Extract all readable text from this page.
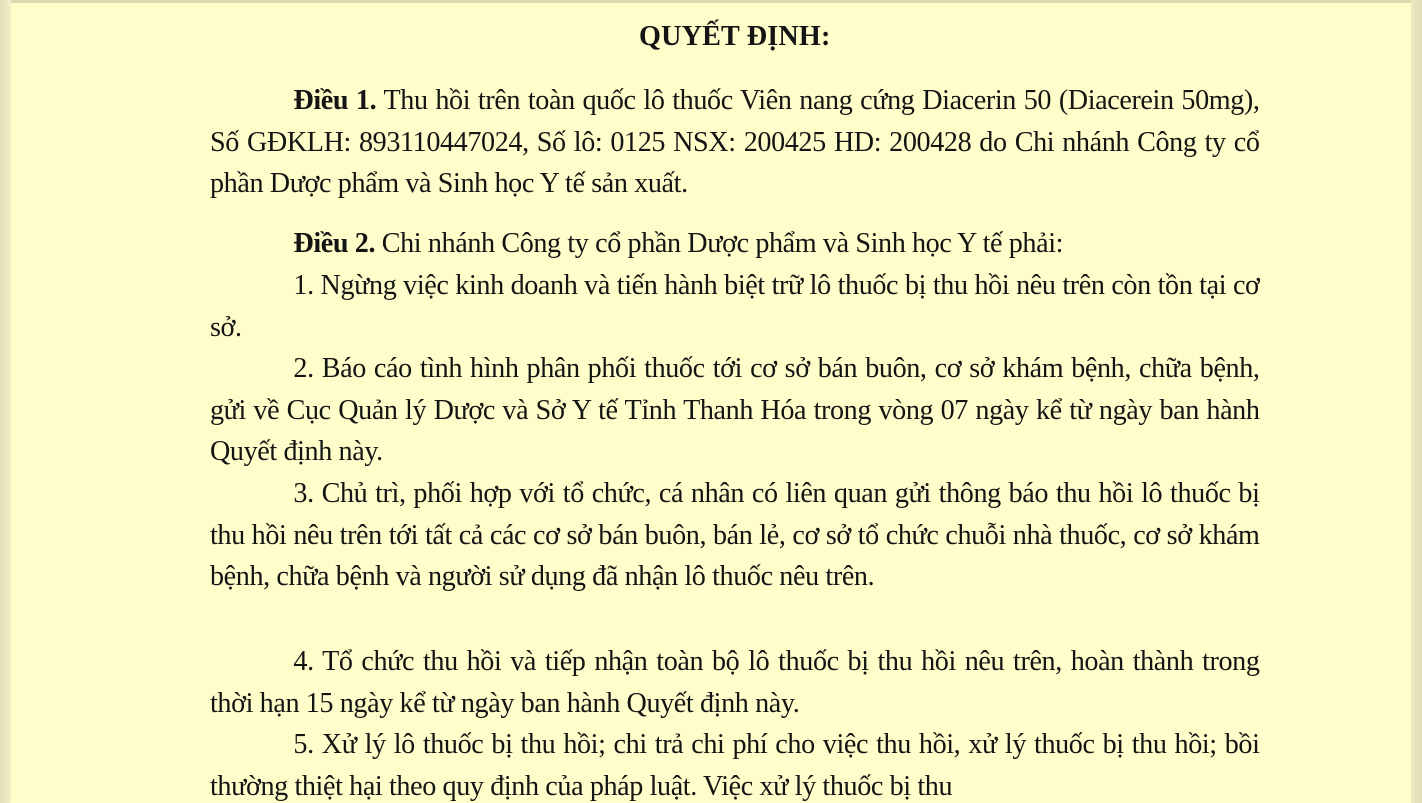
QUYẾT ĐỊNH:

Điều 1. Thu hồi trên toàn quốc lô thuốc Viên nang cứng Diacerin 50 (Diacerein 50mg), Số GĐKLH: 893110447024, Số lô: 0125 NSX: 200425 HD: 200428 do Chi nhánh Công ty cổ phần Dược phẩm và Sinh học Y tế sản xuất.

Điều 2. Chi nhánh Công ty cổ phần Dược phẩm và Sinh học Y tế phải:

1. Ngừng việc kinh doanh và tiến hành biệt trữ lô thuốc bị thu hồi nêu trên còn tồn tại cơ sở.

2. Báo cáo tình hình phân phối thuốc tới cơ sở bán buôn, cơ sở khám bệnh, chữa bệnh, gửi về Cục Quản lý Dược và Sở Y tế Tỉnh Thanh Hóa trong vòng 07 ngày kể từ ngày ban hành Quyết định này.

3. Chủ trì, phối hợp với tổ chức, cá nhân có liên quan gửi thông báo thu hồi lô thuốc bị thu hồi nêu trên tới tất cả các cơ sở bán buôn, bán lẻ, cơ sở tổ chức chuỗi nhà thuốc, cơ sở khám bệnh, chữa bệnh và người sử dụng đã nhận lô thuốc nêu trên.

4. Tổ chức thu hồi và tiếp nhận toàn bộ lô thuốc bị thu hồi nêu trên, hoàn thành trong thời hạn 15 ngày kể từ ngày ban hành Quyết định này.

5. Xử lý lô thuốc bị thu hồi; chi trả chi phí cho việc thu hồi, xử lý thuốc bị thu hồi; bồi thường thiệt hại theo quy định của pháp luật. Việc xử lý thuốc bị thu
